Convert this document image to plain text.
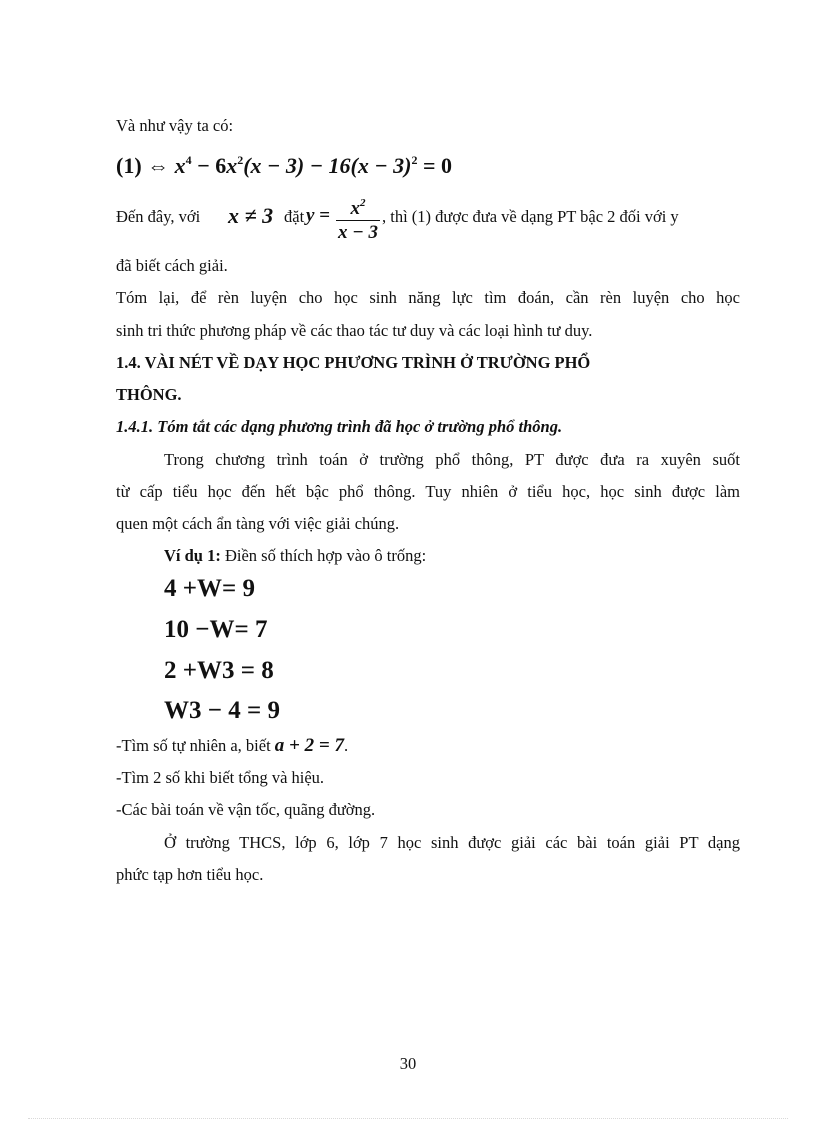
Và như vậy ta có:
(1) ⇔ $x^4 - 6x^2(x - 3) - 16(x - 3)^2 = 0$
Đến đây, với x ≠ 3 đặt $y = \frac{x^2}{x - 3}$ , thì (1) được đưa về dạng PT bậc 2 đối với y
đã biết cách giải.
Tóm lại, để rèn luyện cho học sinh năng lực tìm đoán, cần rèn luyện cho học
sinh tri thức phương pháp về các thao tác tư duy và các loại hình tư duy.
1.4. VÀI NÉT VỀ DẠY HỌC PHƯƠNG TRÌNH Ở TRƯỜNG PHỔ
THÔNG.
1.4.1. Tóm tắt các dạng phương trình đã học ở trường phổ thông.
Trong chương trình toán ở trường phổ thông, PT được đưa ra xuyên suốt
từ cấp tiểu học đến hết bậc phổ thông. Tuy nhiên ở tiểu học, học sinh được làm
quen một cách ẩn tàng với việc giải chúng.
Ví dụ 1: Điền số thích hợp vào ô trống:
4 +W= 9
10 −W= 7
2 +W3 = 8
W3 − 4 = 9
-Tìm số tự nhiên a, biết a + 2 = 7.
-Tìm 2 số khi biết tổng và hiệu.
-Các bài toán về vận tốc, quãng đường.
Ở trường THCS, lớp 6, lớp 7 học sinh được giải các bài toán giải PT dạng
phức tạp hơn tiểu học.
30
